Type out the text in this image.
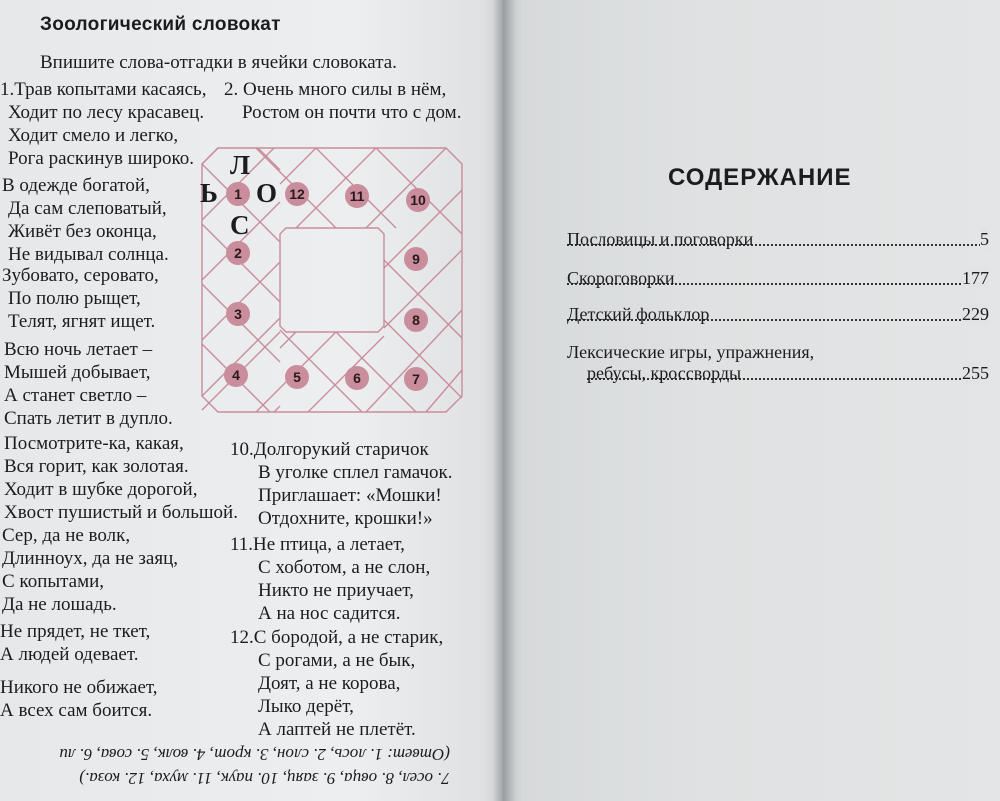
Зоологический словокат
Впишите слова-отгадки в ячейки словоката.
1.Трав копытами касаясь,
Ходит по лесу красавец.
Ходит смело и легко,
Рога раскинув широко.
2. Очень много силы в нём,
Ростом он почти что с дом.
В одежде богатой,
Да сам слеповатый,
Живёт без оконца,
Не видывал солнца.
Зубовато, серовато,
По полю рыщет,
Телят, ягнят ищет.
Всю ночь летает –
Мышей добывает,
А станет светло –
Спать летит в дупло.
Посмотрите-ка, какая,
Вся горит, как золотая.
Ходит в шубке дорогой,
Хвост пушистый и большой.
Сер, да не волк,
Длинноух, да не заяц,
С копытами,
Да не лошадь.
Не прядет, не ткет,
А людей одевает.
Никого не обижает,
А всех сам боится.
10.Долгорукий старичок
В уголке сплел гамачок.
Приглашает: «Мошки!
Отдохните, крошки!»
11.Не птица, а летает,
С хоботом, а не слон,
Никто не приучает,
А на нос садится.
12.С бородой, а не старик,
С рогами, а не бык,
Доят, а не корова,
Лыко дерёт,
А лаптей не плетёт.
Л
Ь О
С
1	12	11	10
2	9
3	8
4	5	6	7
7. осел, 8. овца, 9. заяц, 10. паук, 11. муха, 12. коза.)
(Ответ: 1. лось, 2. слон, 3. крот, 4. волк, 5. сова, 6. ли
СОДЕРЖАНИЕ
Пословицы и поговорки	5
Скороговорки	177
Детский фольклор	229
Лексические игры, упражнения,
ребусы, кроссворды	255
